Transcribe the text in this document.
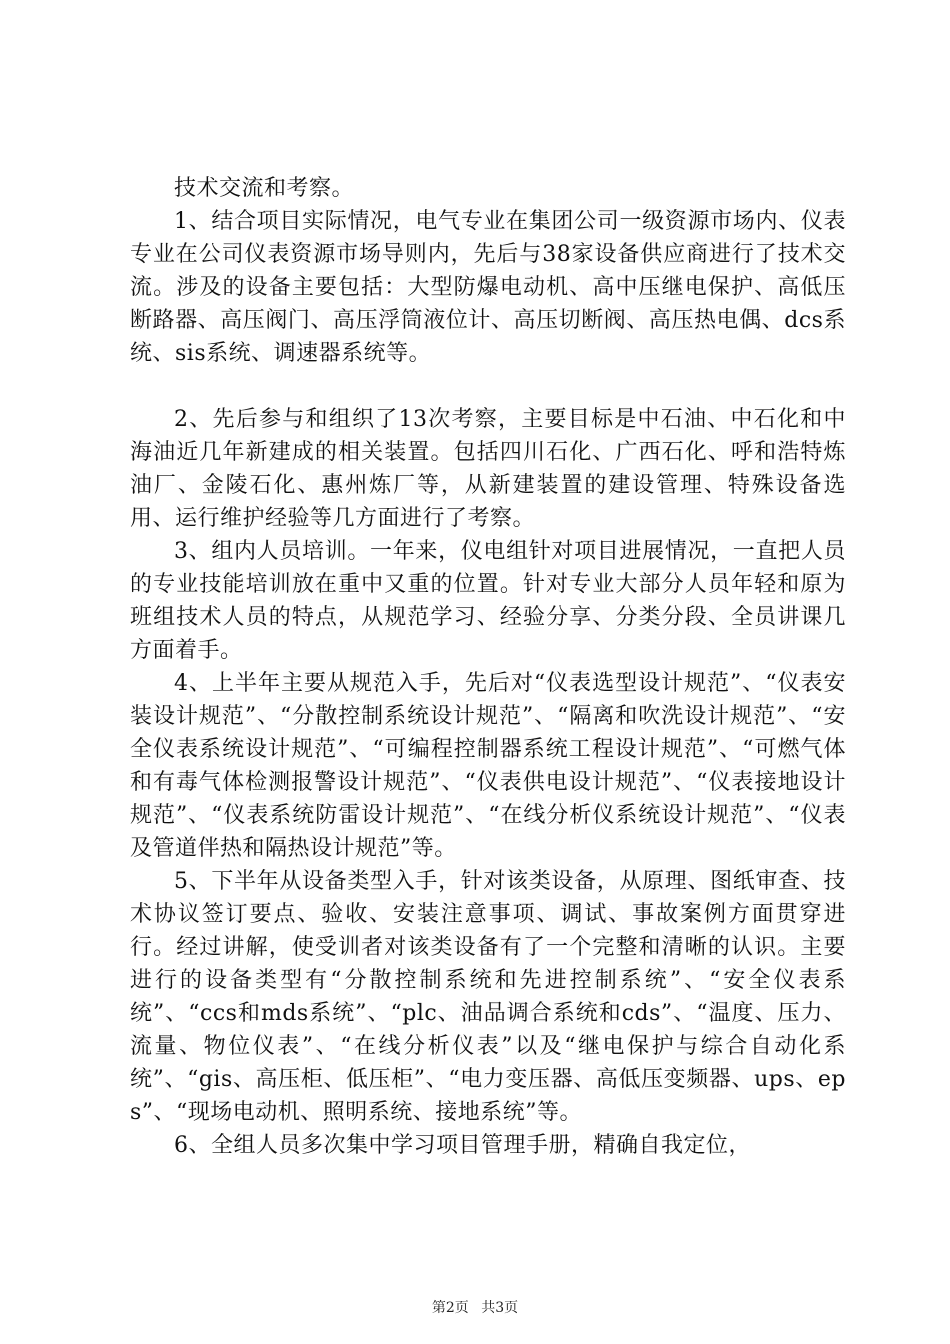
技术交流和考察。

1、结合项目实际情况，电气专业在集团公司一级资源市场内、仪表专业在公司仪表资源市场导则内，先后与38家设备供应商进行了技术交流。涉及的设备主要包括：大型防爆电动机、高中压继电保护、高低压断路器、高压阀门、高压浮筒液位计、高压切断阀、高压热电偶、dcs系统、sis系统、调速器系统等。

2、先后参与和组织了13次考察，主要目标是中石油、中石化和中海油近几年新建成的相关装置。包括四川石化、广西石化、呼和浩特炼油厂、金陵石化、惠州炼厂等，从新建装置的建设管理、特殊设备选用、运行维护经验等几方面进行了考察。

3、组内人员培训。一年来，仪电组针对项目进展情况，一直把人员的专业技能培训放在重中又重的位置。针对专业大部分人员年轻和原为班组技术人员的特点，从规范学习、经验分享、分类分段、全员讲课几方面着手。

4、上半年主要从规范入手，先后对“仪表选型设计规范”、“仪表安装设计规范”、“分散控制系统设计规范”、“隔离和吹洗设计规范”、“安全仪表系统设计规范”、“可编程控制器系统工程设计规范”、“可燃气体和有毒气体检测报警设计规范”、“仪表供电设计规范”、“仪表接地设计规范”、“仪表系统防雷设计规范”、“在线分析仪系统设计规范”、“仪表及管道伴热和隔热设计规范”等。

5、下半年从设备类型入手，针对该类设备，从原理、图纸审查、技术协议签订要点、验收、安装注意事项、调试、事故案例方面贯穿进行。经过讲解，使受训者对该类设备有了一个完整和清晰的认识。主要进行的设备类型有“分散控制系统和先进控制系统”、“安全仪表系统”、“ccs和mds系统”、“plc、油品调合系统和cds”、“温度、压力、流量、物位仪表”、“在线分析仪表”以及“继电保护与综合自动化系统”、“gis、高压柜、低压柜”、“电力变压器、高低压变频器、ups、eps”、“现场电动机、照明系统、接地系统”等。

6、全组人员多次集中学习项目管理手册，精确自我定位，

第2页 共3页
